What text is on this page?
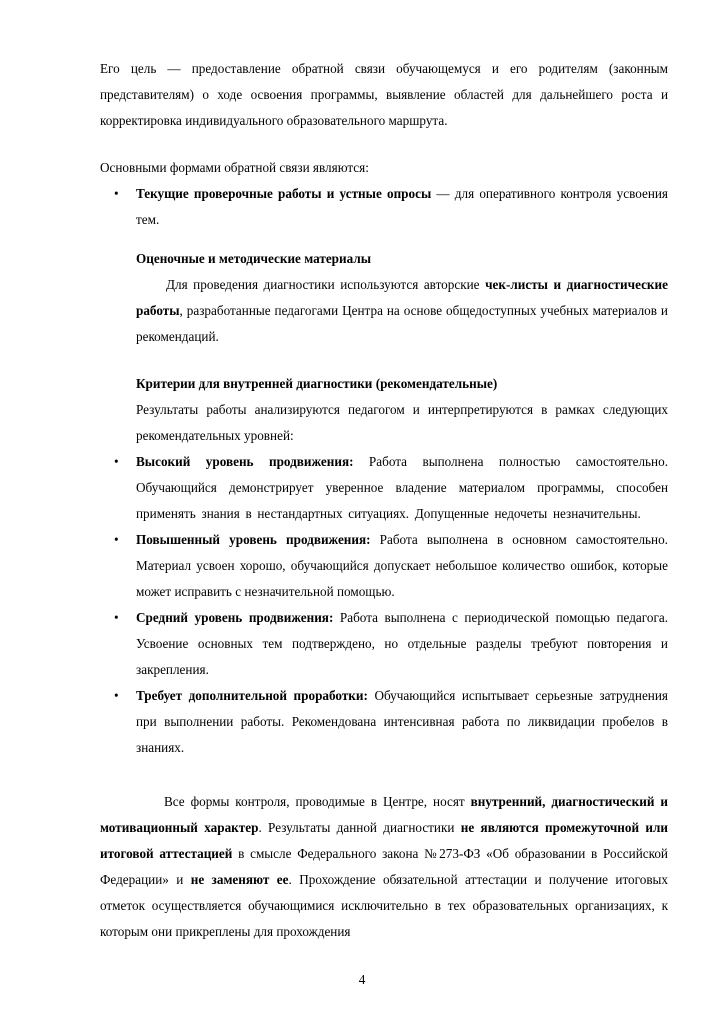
Его цель — предоставление обратной связи обучающемуся и его родителям (законным представителям) о ходе освоения программы, выявление областей для дальнейшего роста и корректировка индивидуального образовательного маршрута.

Основными формами обратной связи являются:

• Текущие проверочные работы и устные опросы — для оперативного контроля усвоения тем.
Оценочные и методические материалы

Для проведения диагностики используются авторские чек-листы и диагностические работы, разработанные педагогами Центра на основе общедоступных учебных материалов и рекомендаций.

Критерии для внутренней диагностики (рекомендательные)

Результаты работы анализируются педагогом и интерпретируются в рамках следующих рекомендательных уровней:

• Высокий уровень продвижения: Работа выполнена полностью самостоятельно. Обучающийся демонстрирует уверенное владение материалом программы, способен применять знания в нестандартных ситуациях. Допущенные недочеты незначительны.
• Повышенный уровень продвижения: Работа выполнена в основном самостоятельно. Материал усвоен хорошо, обучающийся допускает небольшое количество ошибок, которые может исправить с незначительной помощью.
• Средний уровень продвижения: Работа выполнена с периодической помощью педагога. Усвоение основных тем подтверждено, но отдельные разделы требуют повторения и закрепления.
• Требует дополнительной проработки: Обучающийся испытывает серьезные затруднения при выполнении работы. Рекомендована интенсивная работа по ликвидации пробелов в знаниях.

Все формы контроля, проводимые в Центре, носят внутренний, диагностический и мотивационный характер. Результаты данной диагностики не являются промежуточной или итоговой аттестацией в смысле Федерального закона №273-ФЗ «Об образовании в Российской Федерации» и не заменяют ее. Прохождение обязательной аттестации и получение итоговых отметок осуществляется обучающимися исключительно в тех образовательных организациях, к которым они прикреплены для прохождения

4
